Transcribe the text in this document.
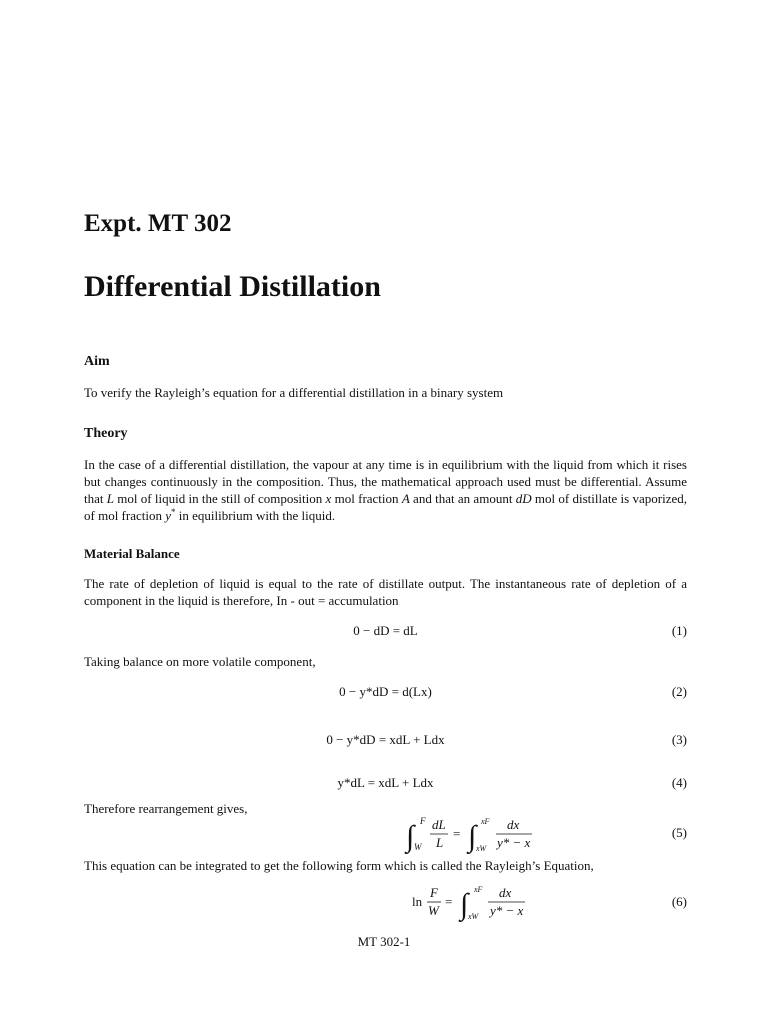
Expt. MT 302
Differential Distillation
Aim
To verify the Rayleigh’s equation for a differential distillation in a binary system
Theory
In the case of a differential distillation, the vapour at any time is in equilibrium with the liquid from which it rises but changes continuously in the composition. Thus, the mathematical approach used must be differential. Assume that L mol of liquid in the still of composition x mol fraction A and that an amount dD mol of distillate is vaporized, of mol fraction y* in equilibrium with the liquid.
Material Balance
The rate of depletion of liquid is equal to the rate of distillate output. The instantaneous rate of depletion of a component in the liquid is therefore, In - out = accumulation
0 − dD = dL	(1)
Taking balance on more volatile component,
0 − y*dD = d(Lx)	(2)
0 − y*dD = xdL + Ldx	(3)
y*dL = xdL + Ldx	(4)
Therefore rearrangement gives,
∫ F
W
dL
L
= ∫ xF
xW
dx
y* − x
(5)
This equation can be integrated to get the following form which is called the Rayleigh’s Equation,
ln
F
W
= ∫ xF
xW
dx
y* − x
(6)
MT 302-1
